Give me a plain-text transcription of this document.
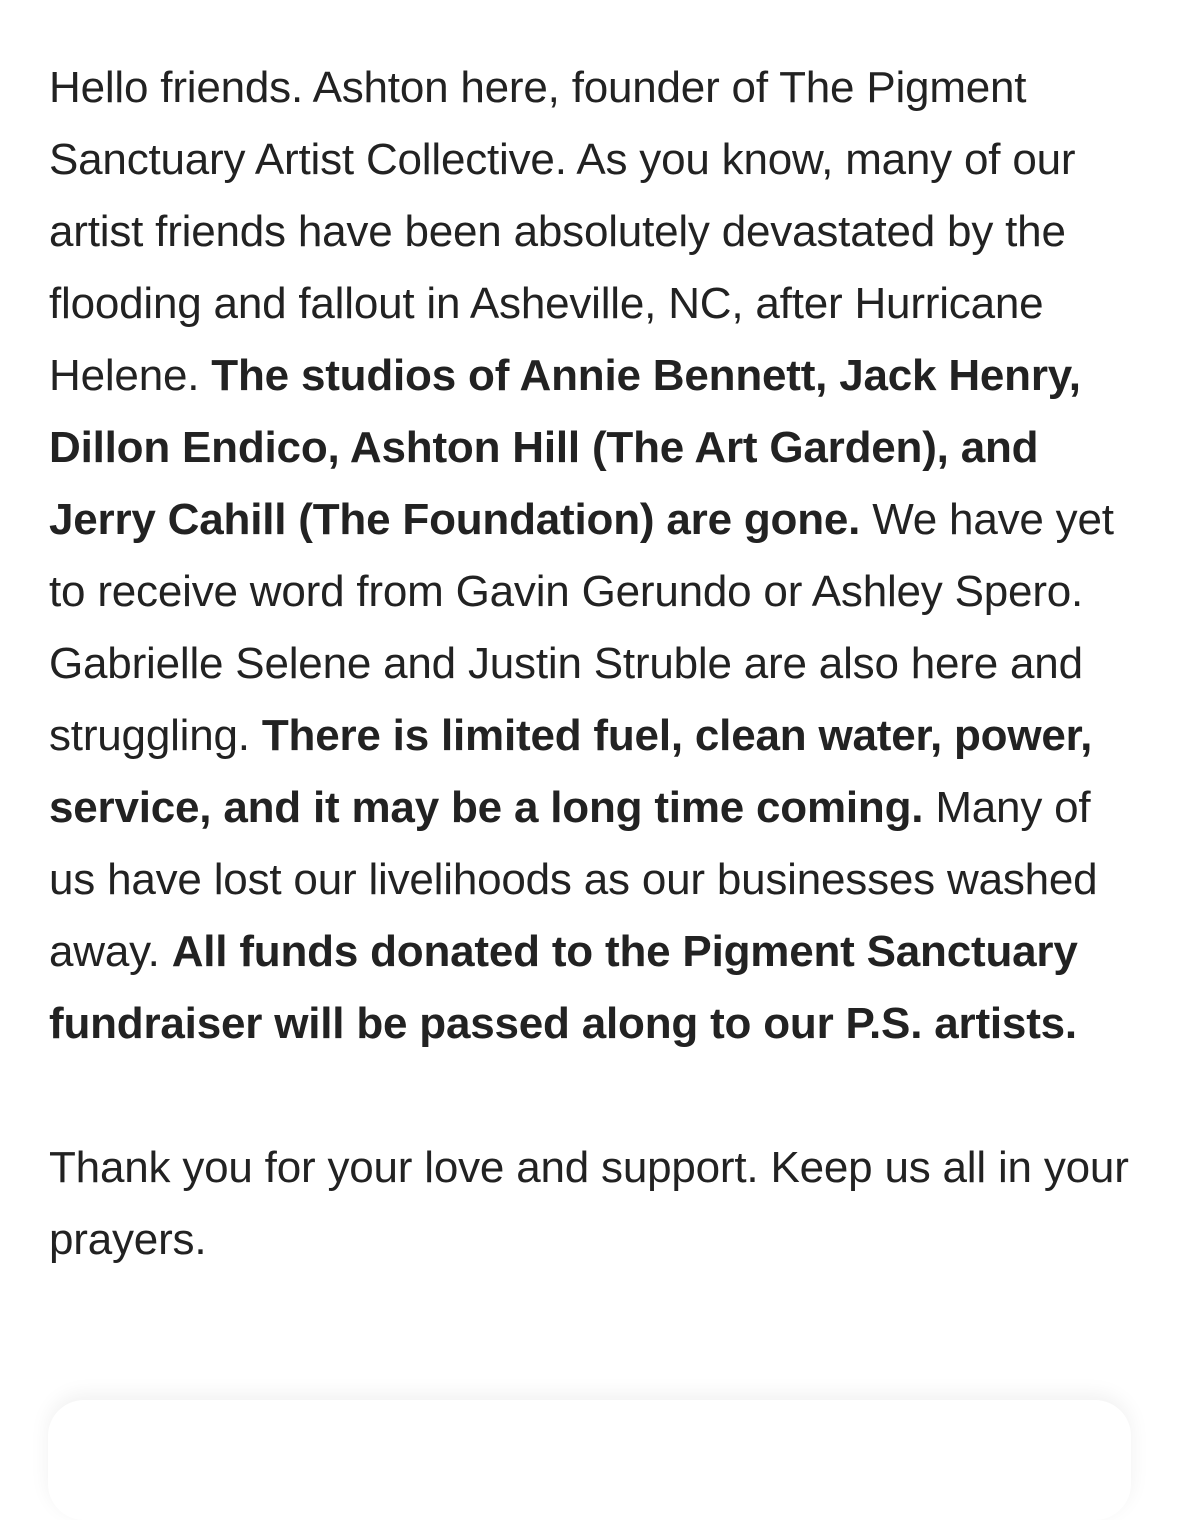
Hello friends. Ashton here, founder of The Pigment Sanctuary Artist Collective. As you know, many of our artist friends have been absolutely devastated by the flooding and fallout in Asheville, NC, after Hurricane Helene. The studios of Annie Bennett, Jack Henry, Dillon Endico, Ashton Hill (The Art Garden), and Jerry Cahill (The Foundation) are gone. We have yet to receive word from Gavin Gerundo or Ashley Spero. Gabrielle Selene and Justin Struble are also here and struggling. There is limited fuel, clean water, power, service, and it may be a long time coming. Many of us have lost our livelihoods as our businesses washed away. All funds donated to the Pigment Sanctuary fundraiser will be passed along to our P.S. artists.

Thank you for your love and support. Keep us all in your prayers.
